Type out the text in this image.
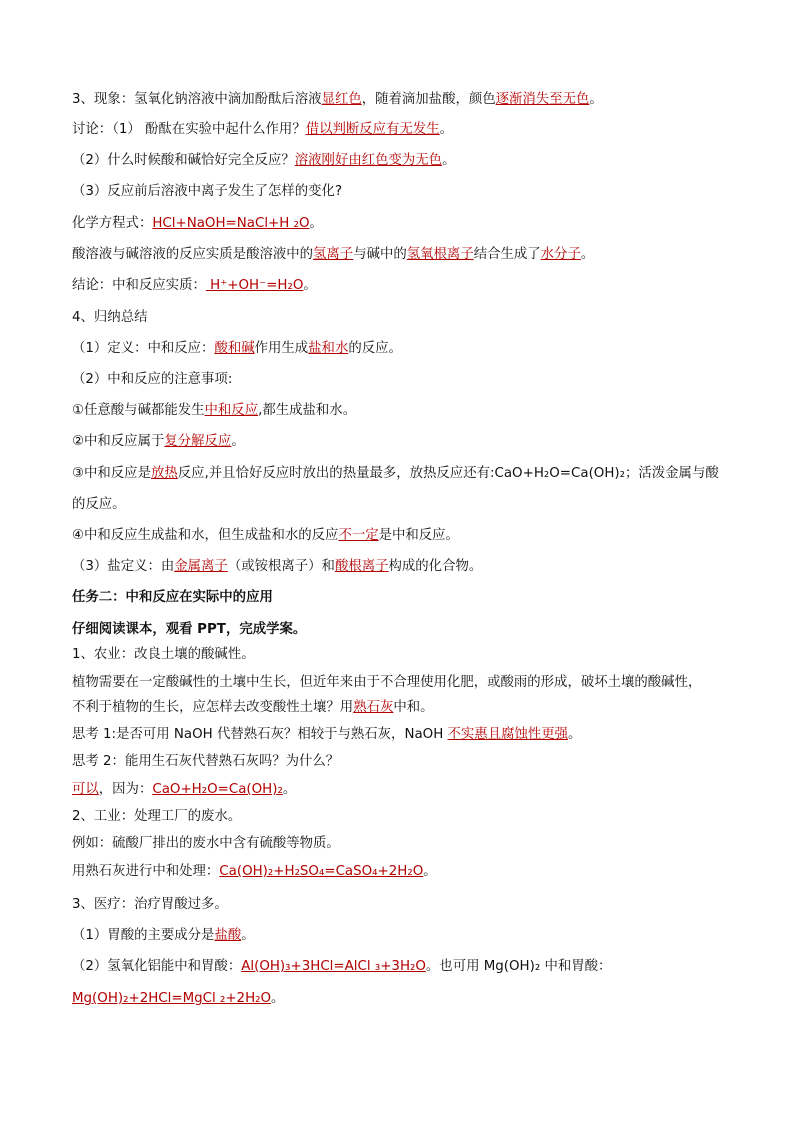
3、现象：氢氧化钠溶液中滴加酚酞后溶液显红色，随着滴加盐酸，颜色逐渐消失至无色。
讨论：（1） 酚酞在实验中起什么作用？借以判断反应有无发生。
（2）什么时候酸和碱恰好完全反应？溶液刚好由红色变为无色。
（3）反应前后溶液中离子发生了怎样的变化?
化学方程式：HCl+NaOH=NaCl+H ₂O。
酸溶液与碱溶液的反应实质是酸溶液中的氢离子与碱中的氢氧根离子结合生成了水分子。
结论：中和反应实质： H⁺+OH⁻=H₂O。
4、归纳总结
（1）定义：中和反应：酸和碱作用生成盐和水的反应。
（2）中和反应的注意事项:
①任意酸与碱都能发生中和反应,都生成盐和水。
②中和反应属于复分解反应。
③中和反应是放热反应,并且恰好反应时放出的热量最多，放热反应还有:CaO+H₂O=Ca(OH)₂；活泼金属与酸
的反应。
④中和反应生成盐和水，但生成盐和水的反应不一定是中和反应。
（3）盐定义：由金属离子（或铵根离子）和酸根离子构成的化合物。
任务二：中和反应在实际中的应用
仔细阅读课本，观看 PPT，完成学案。
1、农业：改良土壤的酸碱性。
植物需要在一定酸碱性的土壤中生长，但近年来由于不合理使用化肥，或酸雨的形成，破坏土壤的酸碱性，
不利于植物的生长，应怎样去改变酸性土壤？用熟石灰中和。
思考 1:是否可用 NaOH 代替熟石灰？相较于与熟石灰，NaOH 不实惠且腐蚀性更强。
思考 2：能用生石灰代替熟石灰吗？为什么？
可以，因为：CaO+H₂O=Ca(OH)₂。
2、工业：处理工厂的废水。
例如：硫酸厂排出的废水中含有硫酸等物质。
用熟石灰进行中和处理：Ca(OH)₂+H₂SO₄=CaSO₄+2H₂O。
3、医疗：治疗胃酸过多。
（1）胃酸的主要成分是盐酸。
（2）氢氧化铝能中和胃酸：Al(OH)₃+3HCl=AlCl ₃+3H₂O。也可用 Mg(OH)₂ 中和胃酸：
Mg(OH)₂+2HCl=MgCl ₂+2H₂O。
